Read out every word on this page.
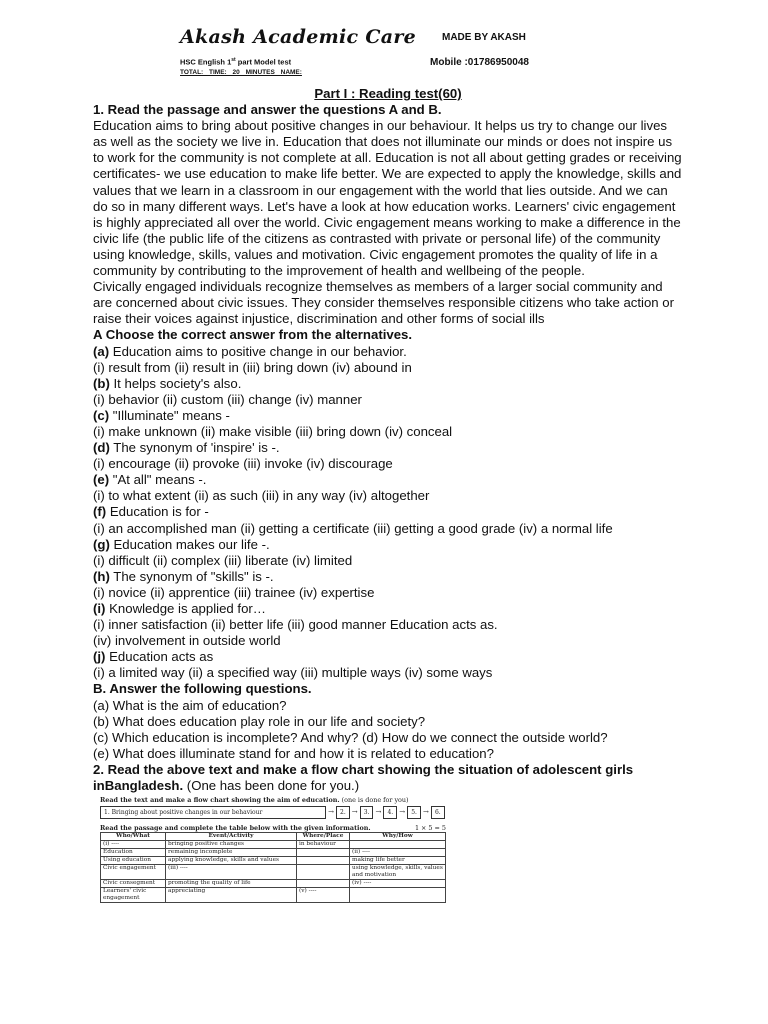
Akash Academic Care	MADE BY AKASH
HSC English 1st part Model test
TOTAL: TIME: 20 MINUTES NAME:
Mobile :01786950048

Part I : Reading test(60)

1. Read the passage and answer the questions A and B.

Education aims to bring about positive changes in our behaviour. It helps us try to change our lives as well as the society we live in. Education that does not illuminate our minds or does not inspire us to work for the community is not complete at all. Education is not all about getting grades or receiving certificates- we use education to make life better. We are expected to apply the knowledge, skills and values that we learn in a classroom in our engagement with the world that lies outside. And we can do so in many different ways. Let's have a look at how education works. Learners' civic engagement is highly appreciated all over the world. Civic engagement means working to make a difference in the civic life (the public life of the citizens as contrasted with private or personal life) of the community using knowledge, skills, values and motivation. Civic engagement promotes the quality of life in a community by contributing to the improvement of health and wellbeing of the people.

Civically engaged individuals recognize themselves as members of a larger social community and are concerned about civic issues. They consider themselves responsible citizens who take action or raise their voices against injustice, discrimination and other forms of social ills

A Choose the correct answer from the alternatives.

(a) Education aims to positive change in our behavior.

(i) result from (ii) result in (iii) bring down (iv) abound in

(b) It helps society's also.

(i) behavior (ii) custom (iii) change (iv) manner

(c) "Illuminate" means -

(i) make unknown (ii) make visible (iii) bring down (iv) conceal

(d) The synonym of 'inspire' is -.

(i) encourage (ii) provoke (iii) invoke (iv) discourage

(e) "At all" means -.

(i) to what extent (ii) as such (iii) in any way (iv) altogether

(f) Education is for -

(i) an accomplished man (ii) getting a certificate (iii) getting a good grade (iv) a normal life

(g) Education makes our life -.

(i) difficult (ii) complex (iii) liberate (iv) limited

(h) The synonym of "skills" is -.

(i) novice (ii) apprentice (iii) trainee (iv) expertise

(i) Knowledge is applied for…

(i) inner satisfaction (ii) better life (iii) good manner Education acts as.

(iv) involvement in outside world

(j) Education acts as

(i) a limited way (ii) a specified way (iii) multiple ways (iv) some ways

B. Answer the following questions.

(a) What is the aim of education?

(b) What does education play role in our life and society?

(c) Which education is incomplete? And why? (d) How do we connect the outside world?

(e) What does illuminate stand for and how it is related to education?

2. Read the above text and make a flow chart showing the situation of adolescent girls inBangladesh. (One has been done for you.)

Read the text and make a flow chart showing the aim of education. (one is done for you)
1. Bringing about positive changes in our behaviour	→	2. →	3. →	4. →	5. →	6.
Read the passage and complete the table below with the given information.	1 × 5 = 5
Who/What	Event/Activity	Where/Place	Why/How
(i) ----	bringing positive changes	in behaviour	
Education	remaining incomplete		(ii) ----
Using education	applying knowledge, skills and values		making life better
Civic engagement	(iii) ----		using knowledge, skills, values and motivation
Civic consegment	promoting the quality of life		(iv) ----
Learners' civic engagement	appreciating	(v) ----	
